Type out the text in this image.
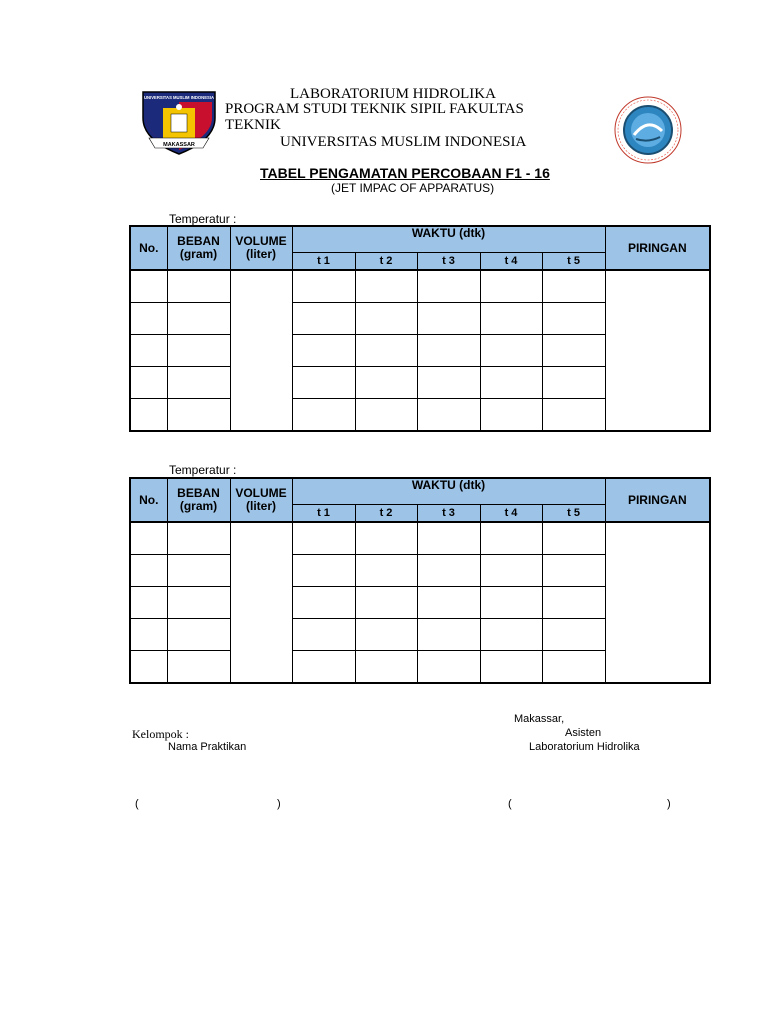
MAKASSAR
UNIVERSITAS MUSLIM INDONESIA	LABORATORIUM HIDROLIKA
PROGRAM STUDI TEKNIK SIPIL FAKULTAS
TEKNIK
UNIVERSITAS MUSLIM INDONESIA
TABEL PENGAMATAN PERCOBAAN F1 - 16
(JET IMPAC OF APPARATUS)
Temperatur :
No.	BEBAN (gram)	VOLUME (liter)	WAKTU (dtk)					PIRINGAN
			t 1	t 2	t 3	t 4	t 5	

Temperatur :
No.	BEBAN (gram)	VOLUME (liter)	WAKTU (dtk)					PIRINGAN
			t 1	t 2	t 3	t 4	t 5	

Makassar,
Kelompok :	Asisten
Nama Praktikan	Laboratorium Hidrolika
(	)	(	)
